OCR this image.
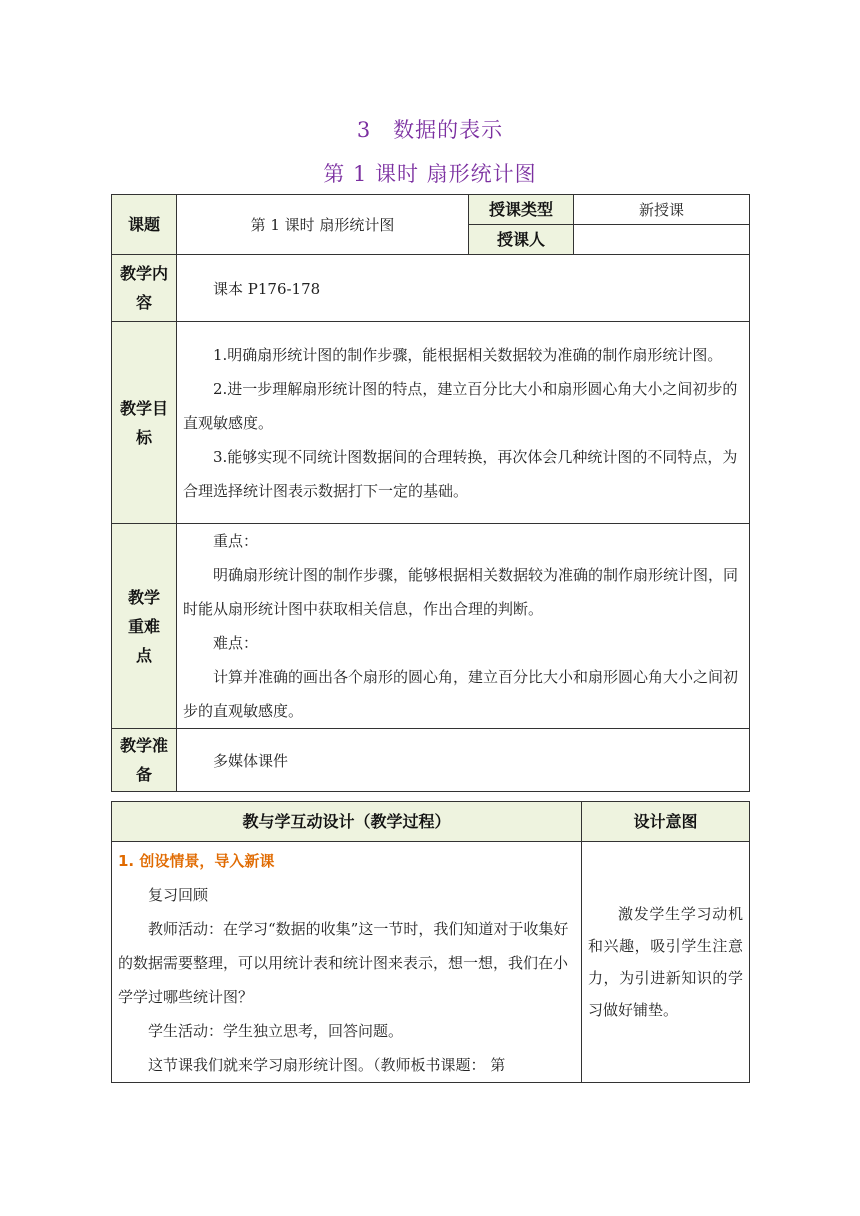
3　数据的表示
第 1 课时 扇形统计图
课题	第 1 课时 扇形统计图	授课类型	新授课
		授课人	
教学内容	课本 P176-178		
教学目标	1.明确扇形统计图的制作步骤，能根据相关数据较为准确的制作扇形统计图。

2.进一步理解扇形统计图的特点，建立百分比大小和扇形圆心角大小之间初步的直观敏感度。

3.能够实现不同统计图数据间的合理转换，再次体会几种统计图的不同特点，为合理选择统计图表示数据打下一定的基础。		

教学重难点	重点：

明确扇形统计图的制作步骤，能够根据相关数据较为准确的制作扇形统计图，同时能从扇形统计图中获取相关信息，作出合理的判断。

难点：

计算并准确的画出各个扇形的圆心角，建立百分比大小和扇形圆心角大小之间初步的直观敏感度。		

教学准备	多媒体课件		
教与学互动设计（教学过程）	设计意图

1. 创设情景，导入新课

复习回顾

教师活动：在学习“数据的收集”这一节时，我们知道对于收集好的数据需要整理，可以用统计表和统计图来表示，想一想，我们在小学学过哪些统计图？

学生活动：学生独立思考，回答问题。

这节课我们就来学习扇形统计图。（教师板书课题： 第	激发学生学习动机和兴趣，吸引学生注意力，为引进新知识的学习做好铺垫。
